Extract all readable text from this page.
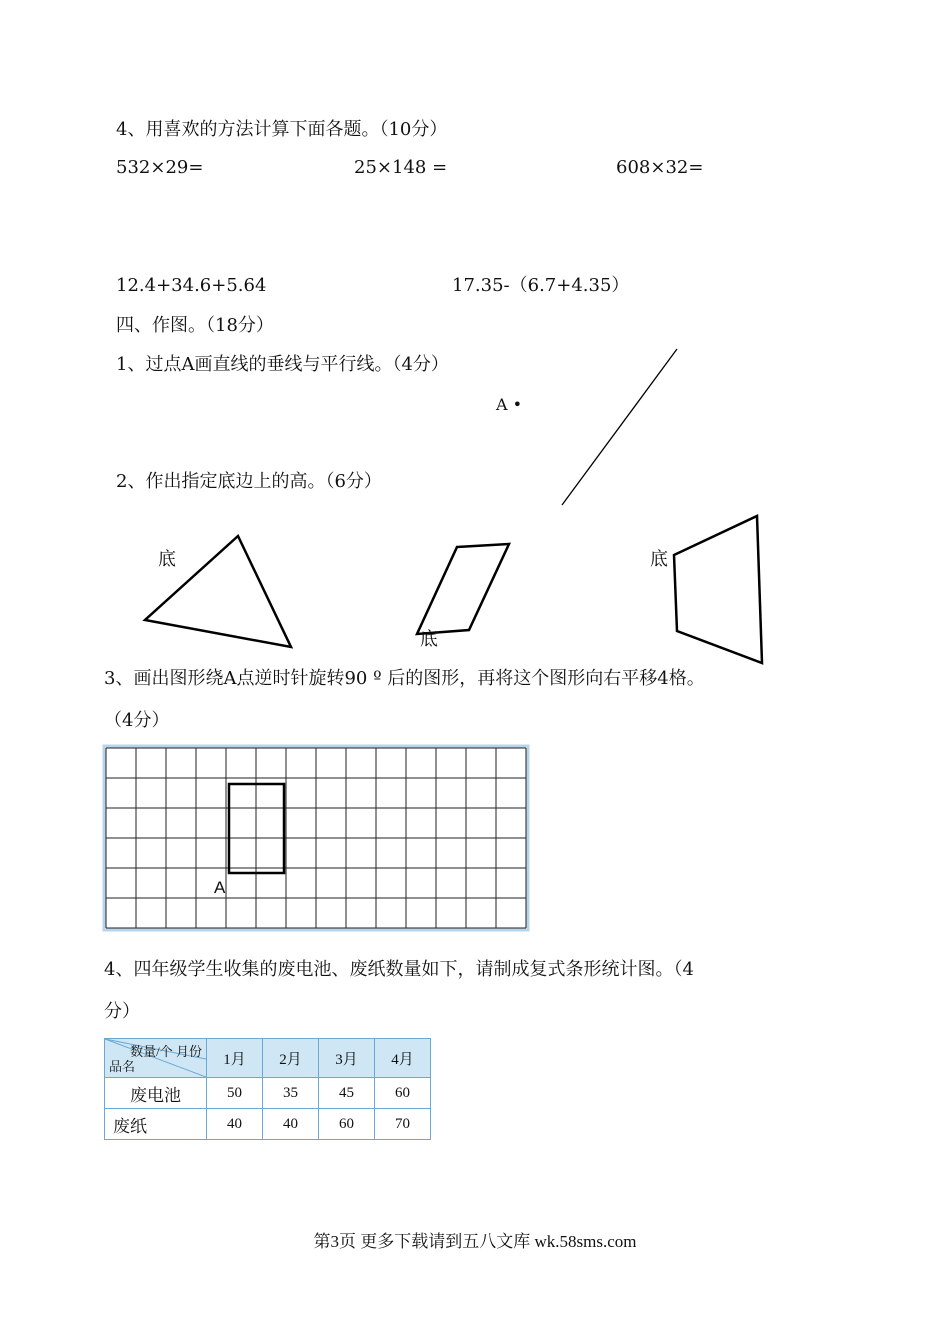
4、用喜欢的方法计算下面各题。（10分）
532×29=	25×148 =	608×32=
12.4+34.6+5.64	17.35-（6.7+4.35）
四、作图。（18分）
1、过点A画直线的垂线与平行线。（4分）
A •
2、作出指定底边上的高。（6分）
底
底
底
3、画出图形绕A点逆时针旋转90 º 后的图形，再将这个图形向右平移4格。
（4分）
A
4、四年级学生收集的废电池、废纸数量如下，请制成复式条形统计图。（4
分）
数量/个 月份
品名	1月	2月	3月	4月
废电池	50	35	45	60
废纸	40	40	60	70
第3页 更多下载请到五八文库 wk.58sms.com
